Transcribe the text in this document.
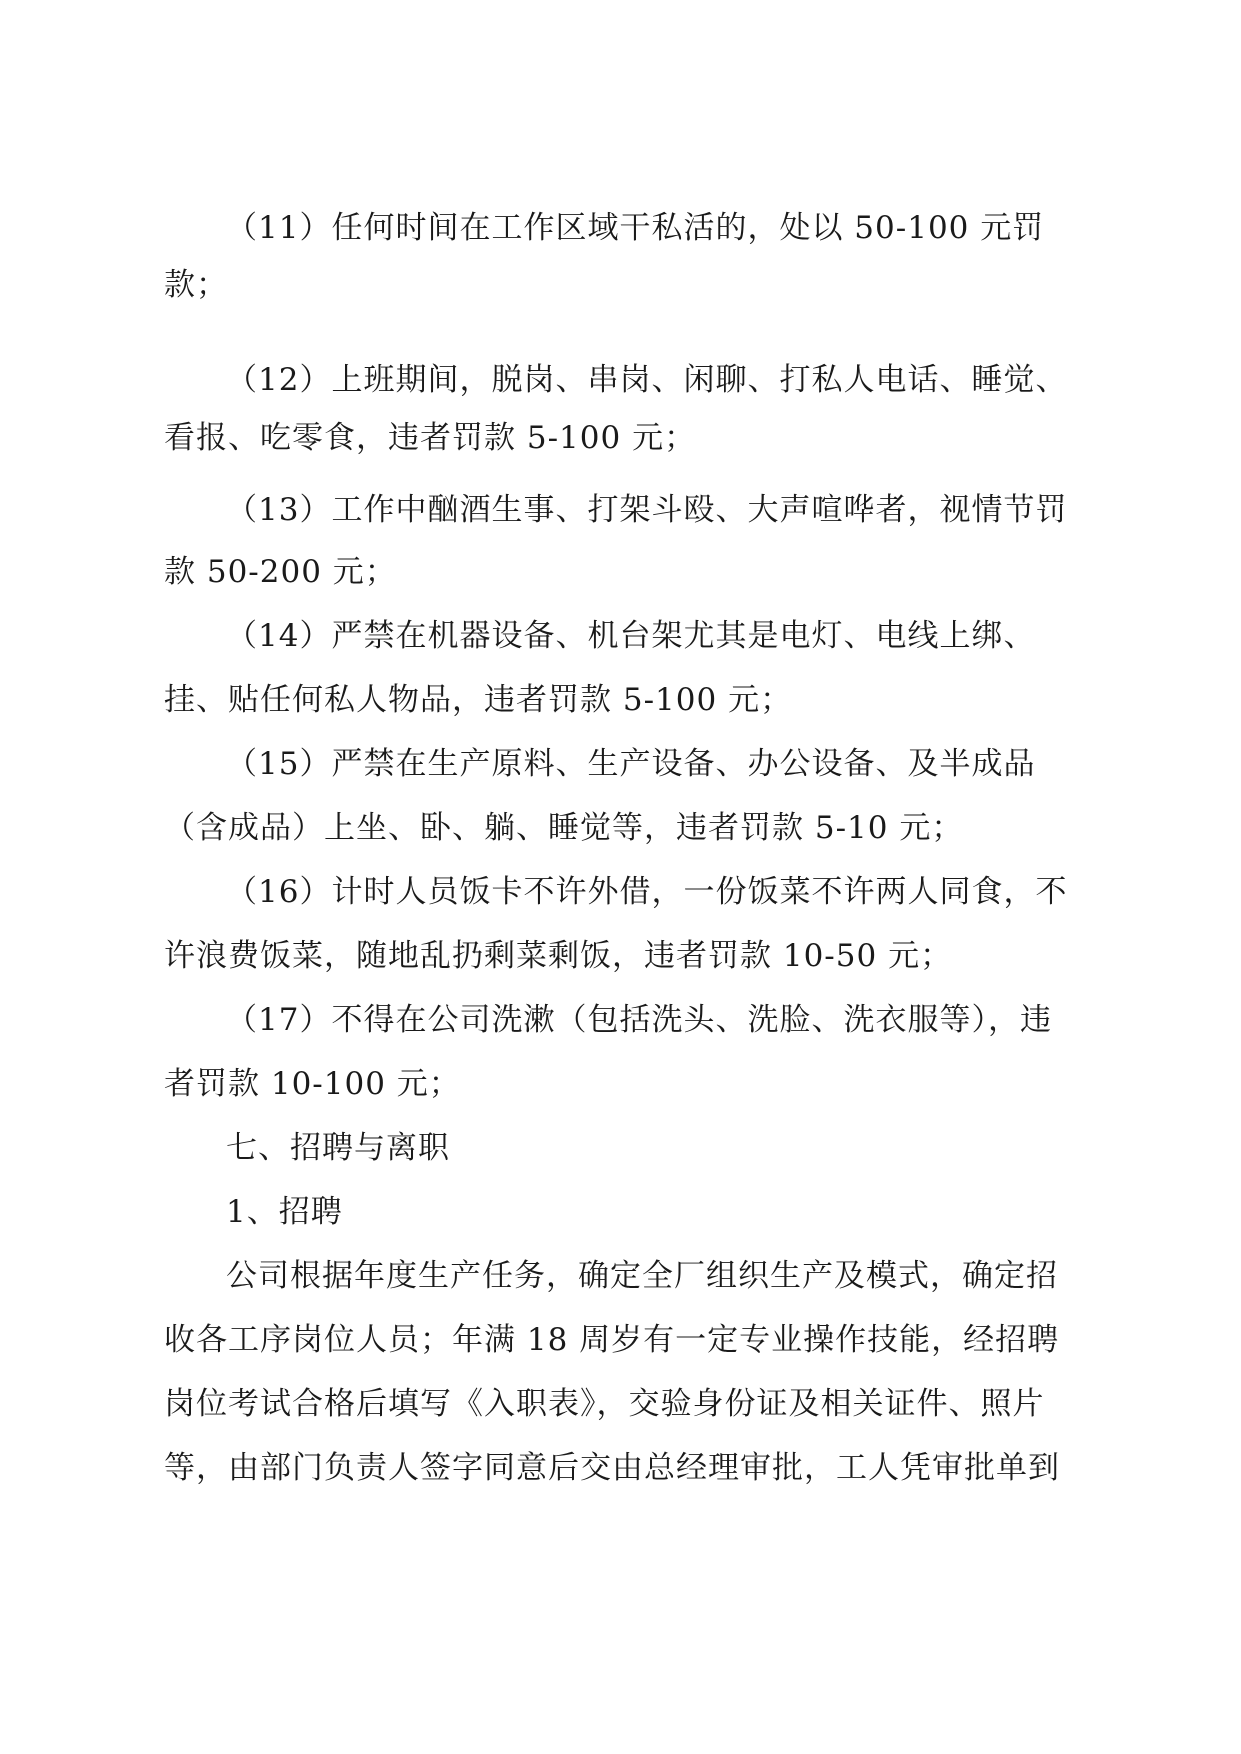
（11）任何时间在工作区域干私活的，处以 50-100 元罚
款；
（12）上班期间，脱岗、串岗、闲聊、打私人电话、睡觉、
看报、吃零食，违者罚款 5-100 元；
（13）工作中酗酒生事、打架斗殴、大声喧哗者，视情节罚
款 50-200 元；
（14）严禁在机器设备、机台架尤其是电灯、电线上绑、
挂、贴任何私人物品，违者罚款 5-100 元；
（15）严禁在生产原料、生产设备、办公设备、及半成品
（含成品）上坐、卧、躺、睡觉等，违者罚款 5-10 元；
（16）计时人员饭卡不许外借，一份饭菜不许两人同食，不
许浪费饭菜，随地乱扔剩菜剩饭，违者罚款 10-50 元；
（17）不得在公司洗漱（包括洗头、洗脸、洗衣服等），违
者罚款 10-100 元；
七、招聘与离职
1、招聘
公司根据年度生产任务，确定全厂组织生产及模式，确定招
收各工序岗位人员；年满 18 周岁有一定专业操作技能，经招聘
岗位考试合格后填写《入职表》，交验身份证及相关证件、照片
等，由部门负责人签字同意后交由总经理审批，工人凭审批单到
